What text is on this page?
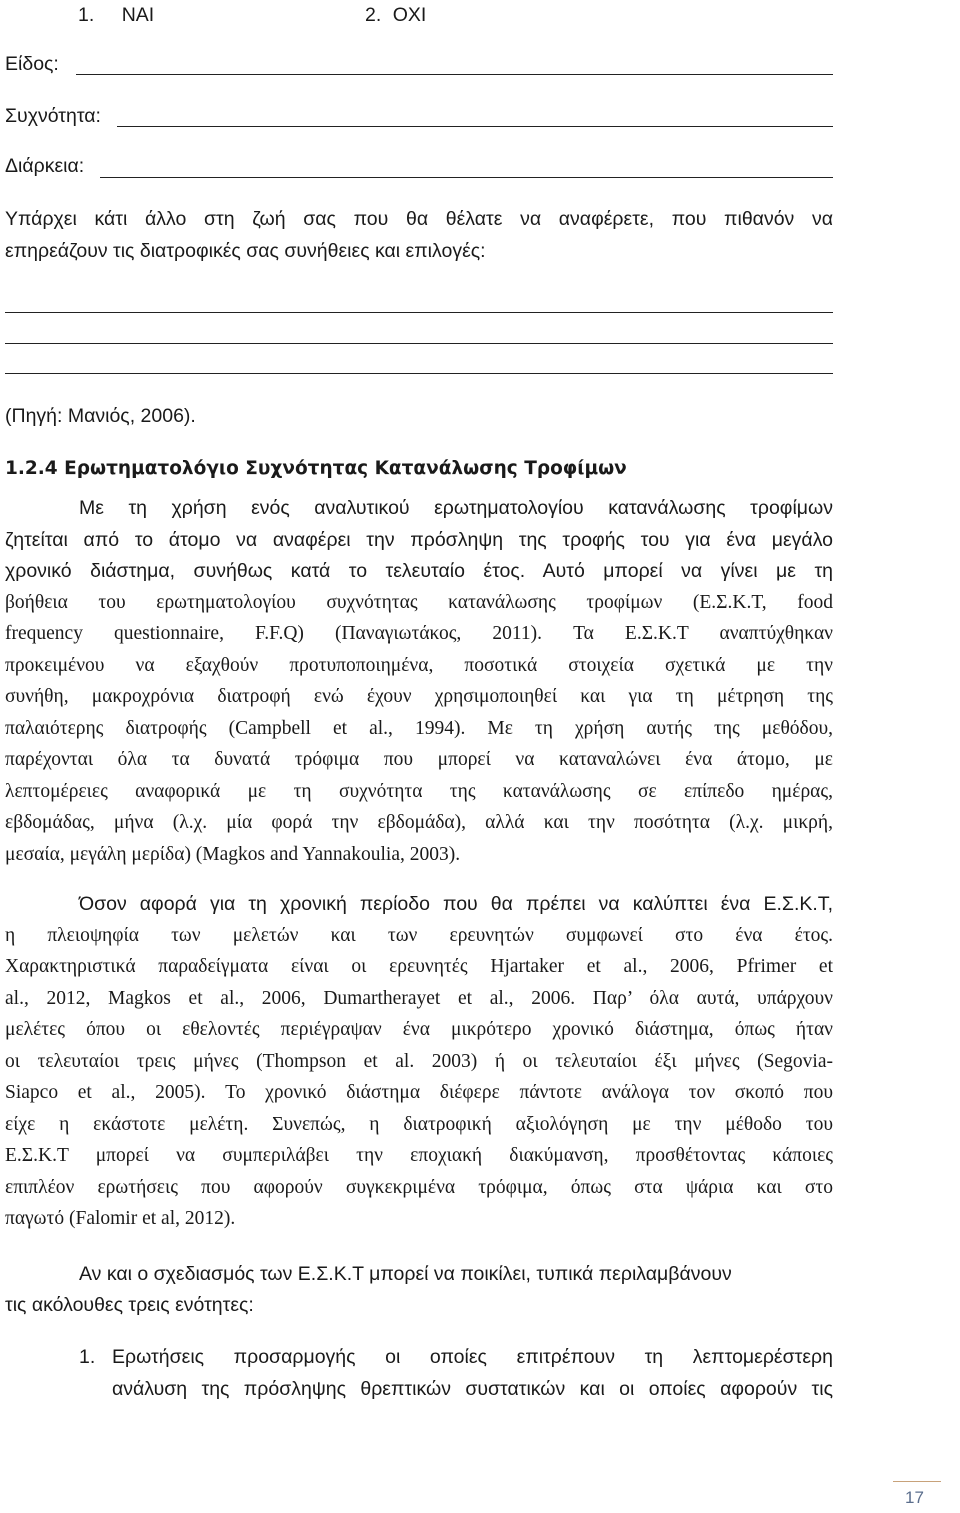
1. ΝΑΙ	2. ΟΧΙ
Είδος:
Συχνότητα:
Διάρκεια:
Υπάρχει κάτι άλλο στη ζωή σας που θα θέλατε να αναφέρετε, που πιθανόν να
επηρεάζουν τις διατροφικές σας συνήθειες και επιλογές:
(Πηγή: Μανιός, 2006).
1.2.4 Ερωτηματολόγιο Συχνότητας Κατανάλωσης Τροφίμων
Με τη χρήση ενός αναλυτικού ερωτηματολογίου κατανάλωσης τροφίμων
ζητείται από το άτομο να αναφέρει την πρόσληψη της τροφής του για ένα μεγάλο
χρονικό διάστημα, συνήθως κατά το τελευταίο έτος. Αυτό μπορεί να γίνει με τη
βοήθεια του ερωτηματολογίου συχνότητας κατανάλωσης τροφίμων (Ε.Σ.Κ.Τ, food
frequency questionnaire, F.F.Q) (Παναγιωτάκος, 2011). Τα Ε.Σ.Κ.Τ αναπτύχθηκαν
προκειμένου να εξαχθούν προτυποποιημένα, ποσοτικά στοιχεία σχετικά με την
συνήθη, μακροχρόνια διατροφή ενώ έχουν χρησιμοποιηθεί και για τη μέτρηση της
παλαιότερης διατροφής (Campbell et al., 1994). Με τη χρήση αυτής της μεθόδου,
παρέχονται όλα τα δυνατά τρόφιμα που μπορεί να καταναλώνει ένα άτομο, με
λεπτομέρειες αναφορικά με τη συχνότητα της κατανάλωσης σε επίπεδο ημέρας,
εβδομάδας, μήνα (λ.χ. μία φορά την εβδομάδα), αλλά και την ποσότητα (λ.χ. μικρή,
μεσαία, μεγάλη μερίδα) (Magkos and Yannakoulia, 2003).
Όσον αφορά για τη χρονική περίοδο που θα πρέπει να καλύπτει ένα Ε.Σ.Κ.Τ,
η πλειοψηφία των μελετών και των ερευνητών συμφωνεί στο ένα έτος.
Χαρακτηριστικά παραδείγματα είναι οι ερευνητές Hjartaker et al., 2006, Pfrimer et
al., 2012, Magkos et al., 2006, Dumartherayet et al., 2006. Παρ’ όλα αυτά, υπάρχουν
μελέτες όπου οι εθελοντές περιέγραψαν ένα μικρότερο χρονικό διάστημα, όπως ήταν
οι τελευταίοι τρεις μήνες (Thompson et al. 2003) ή οι τελευταίοι έξι μήνες (Segovia-
Siapco et al., 2005). Το χρονικό διάστημα διέφερε πάντοτε ανάλογα τον σκοπό που
είχε η εκάστοτε μελέτη. Συνεπώς, η διατροφική αξιολόγηση με την μέθοδο του
Ε.Σ.Κ.Τ μπορεί να συμπεριλάβει την εποχιακή διακύμανση, προσθέτοντας κάποιες
επιπλέον ερωτήσεις που αφορούν συγκεκριμένα τρόφιμα, όπως στα ψάρια και στο
παγωτό (Falomir et al, 2012).
Αν και ο σχεδιασμός των Ε.Σ.Κ.Τ μπορεί να ποικίλει, τυπικά περιλαμβάνουν
τις ακόλουθες τρεις ενότητες:
1. Ερωτήσεις προσαρμογής οι οποίες επιτρέπουν τη λεπτομερέστερη
ανάλυση της πρόσληψης θρεπτικών συστατικών και οι οποίες αφορούν τις
17
